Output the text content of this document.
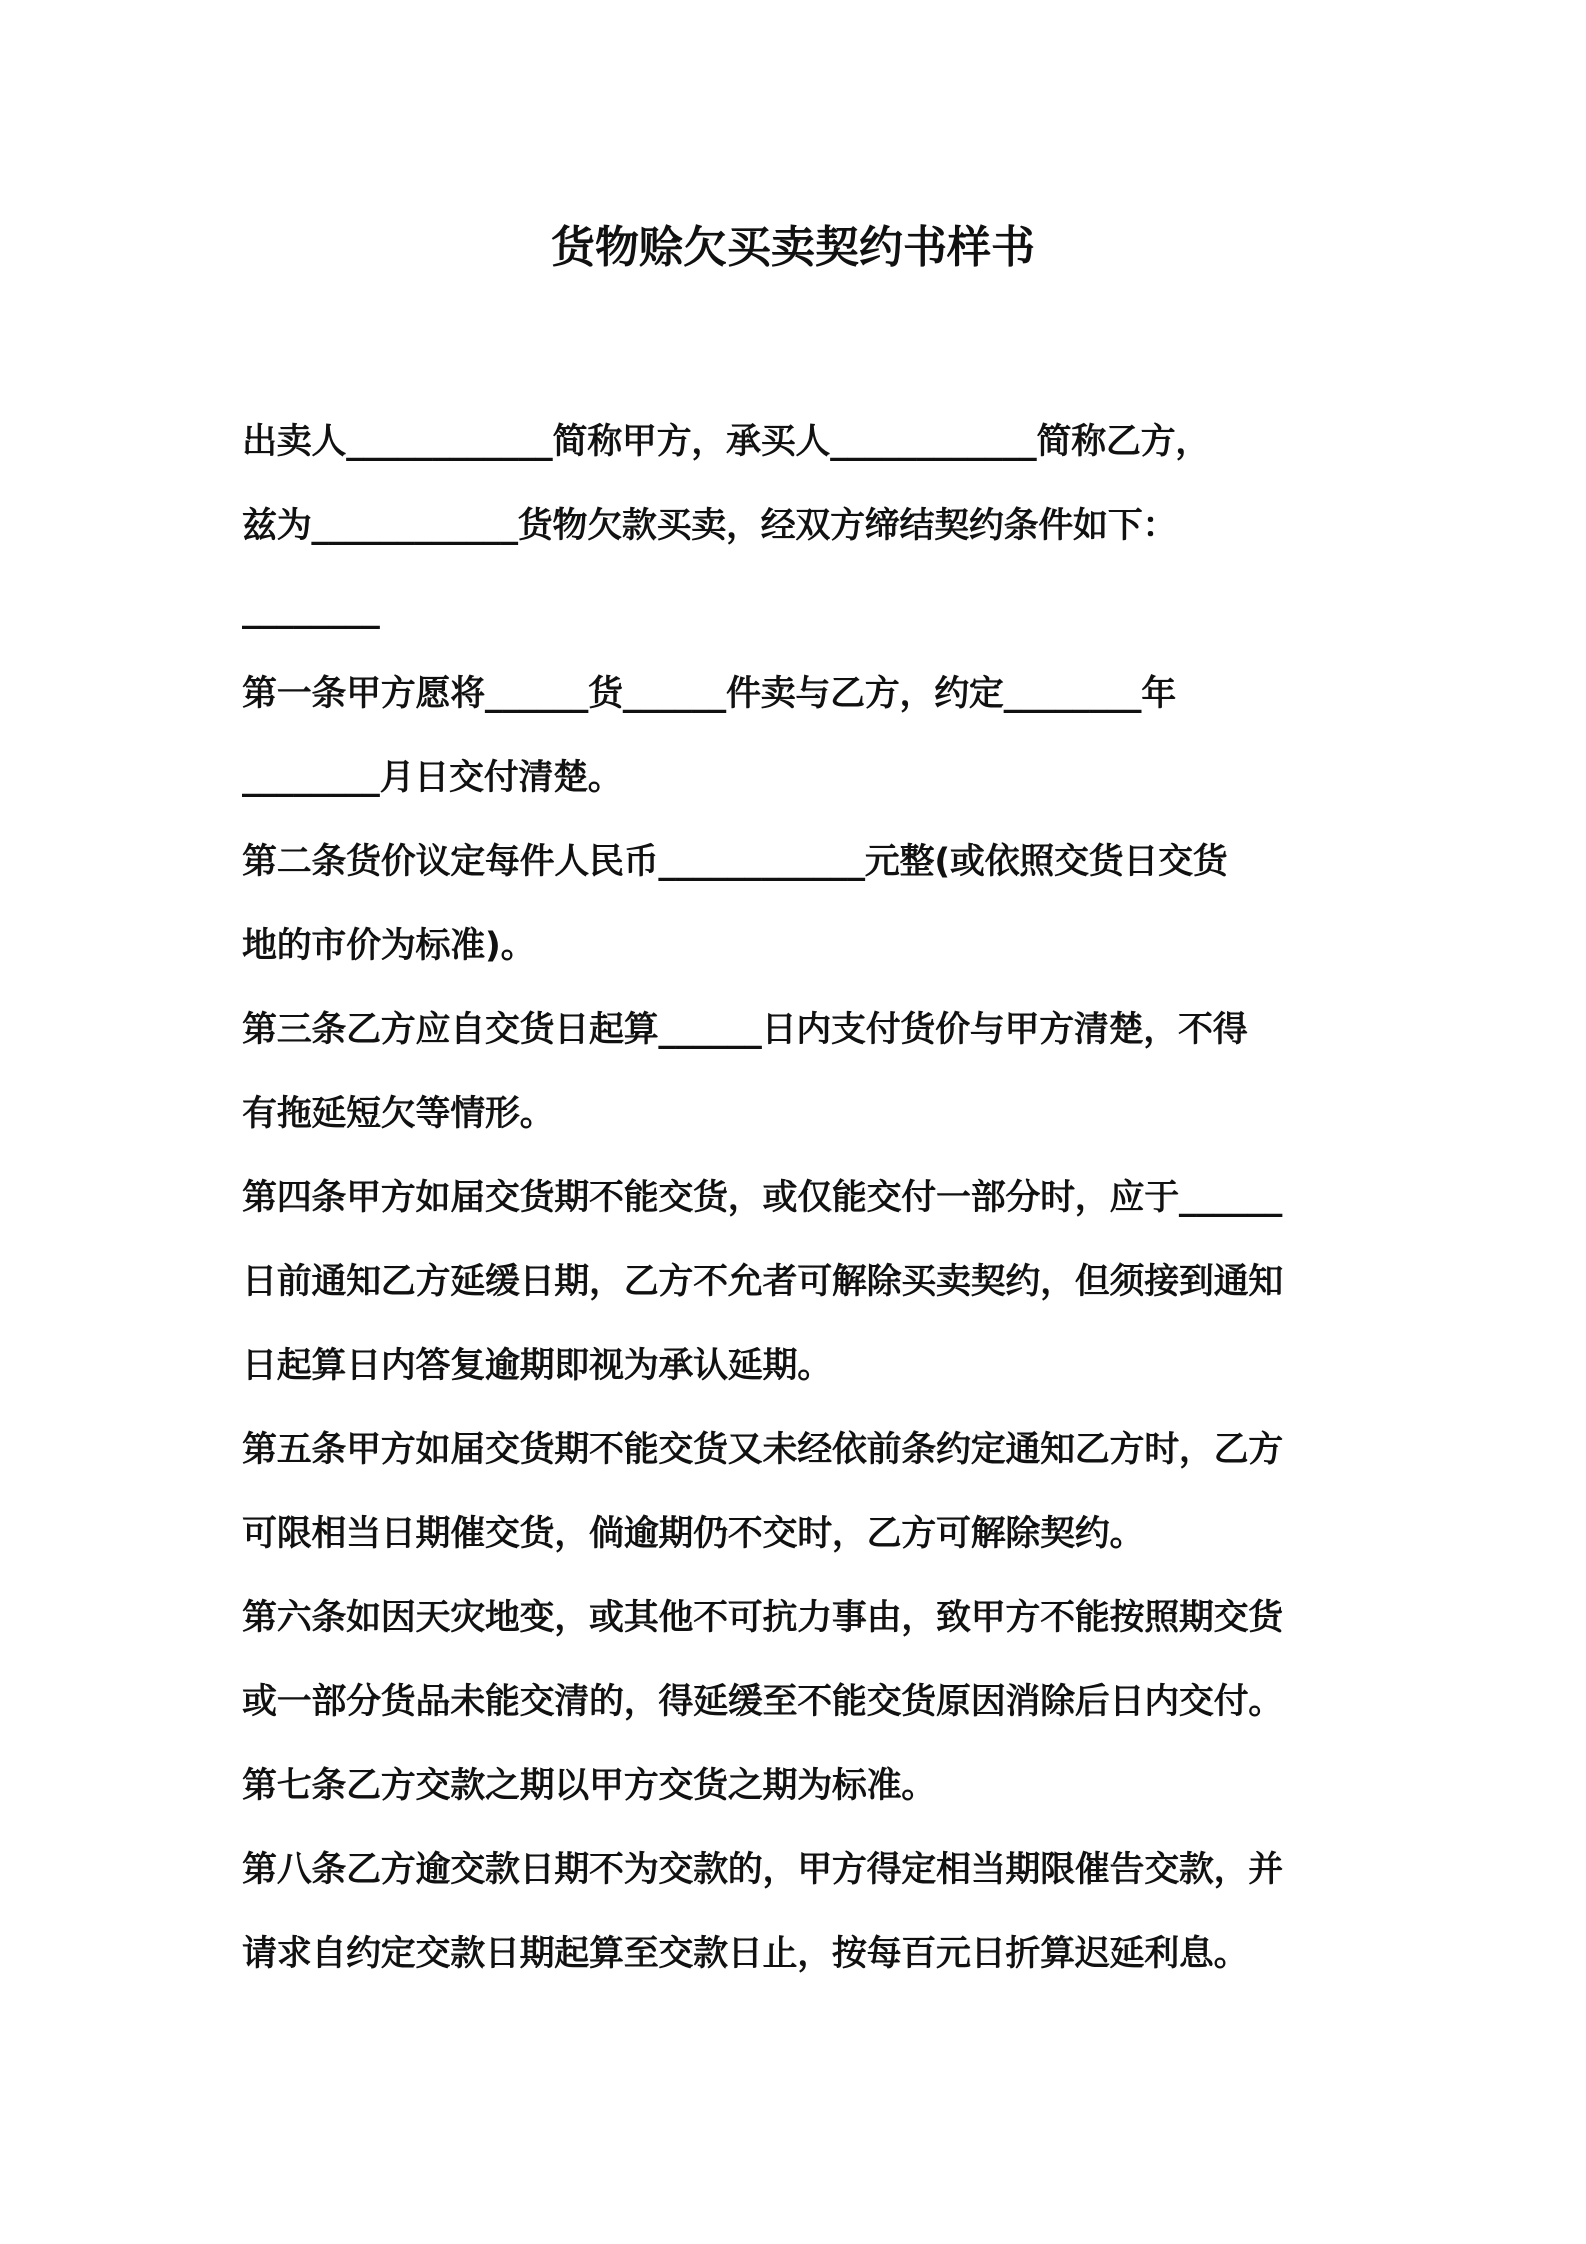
货物赊欠买卖契约书样书

出卖人____________简称甲方，承买人____________简称乙方，

兹为____________货物欠款买卖，经双方缔结契约条件如下：

________

第一条甲方愿将______货______件卖与乙方，约定________年

________月日交付清楚。

第二条货价议定每件人民币____________元整(或依照交货日交货

地的市价为标准)。

第三条乙方应自交货日起算______日内支付货价与甲方清楚，不得

有拖延短欠等情形。

第四条甲方如届交货期不能交货，或仅能交付一部分时，应于______

日前通知乙方延缓日期，乙方不允者可解除买卖契约，但须接到通知

日起算日内答复逾期即视为承认延期。

第五条甲方如届交货期不能交货又未经依前条约定通知乙方时，乙方

可限相当日期催交货，倘逾期仍不交时，乙方可解除契约。

第六条如因天灾地变，或其他不可抗力事由，致甲方不能按照期交货

或一部分货品未能交清的，得延缓至不能交货原因消除后日内交付。

第七条乙方交款之期以甲方交货之期为标准。

第八条乙方逾交款日期不为交款的，甲方得定相当期限催告交款，并

请求自约定交款日期起算至交款日止，按每百元日折算迟延利息。
